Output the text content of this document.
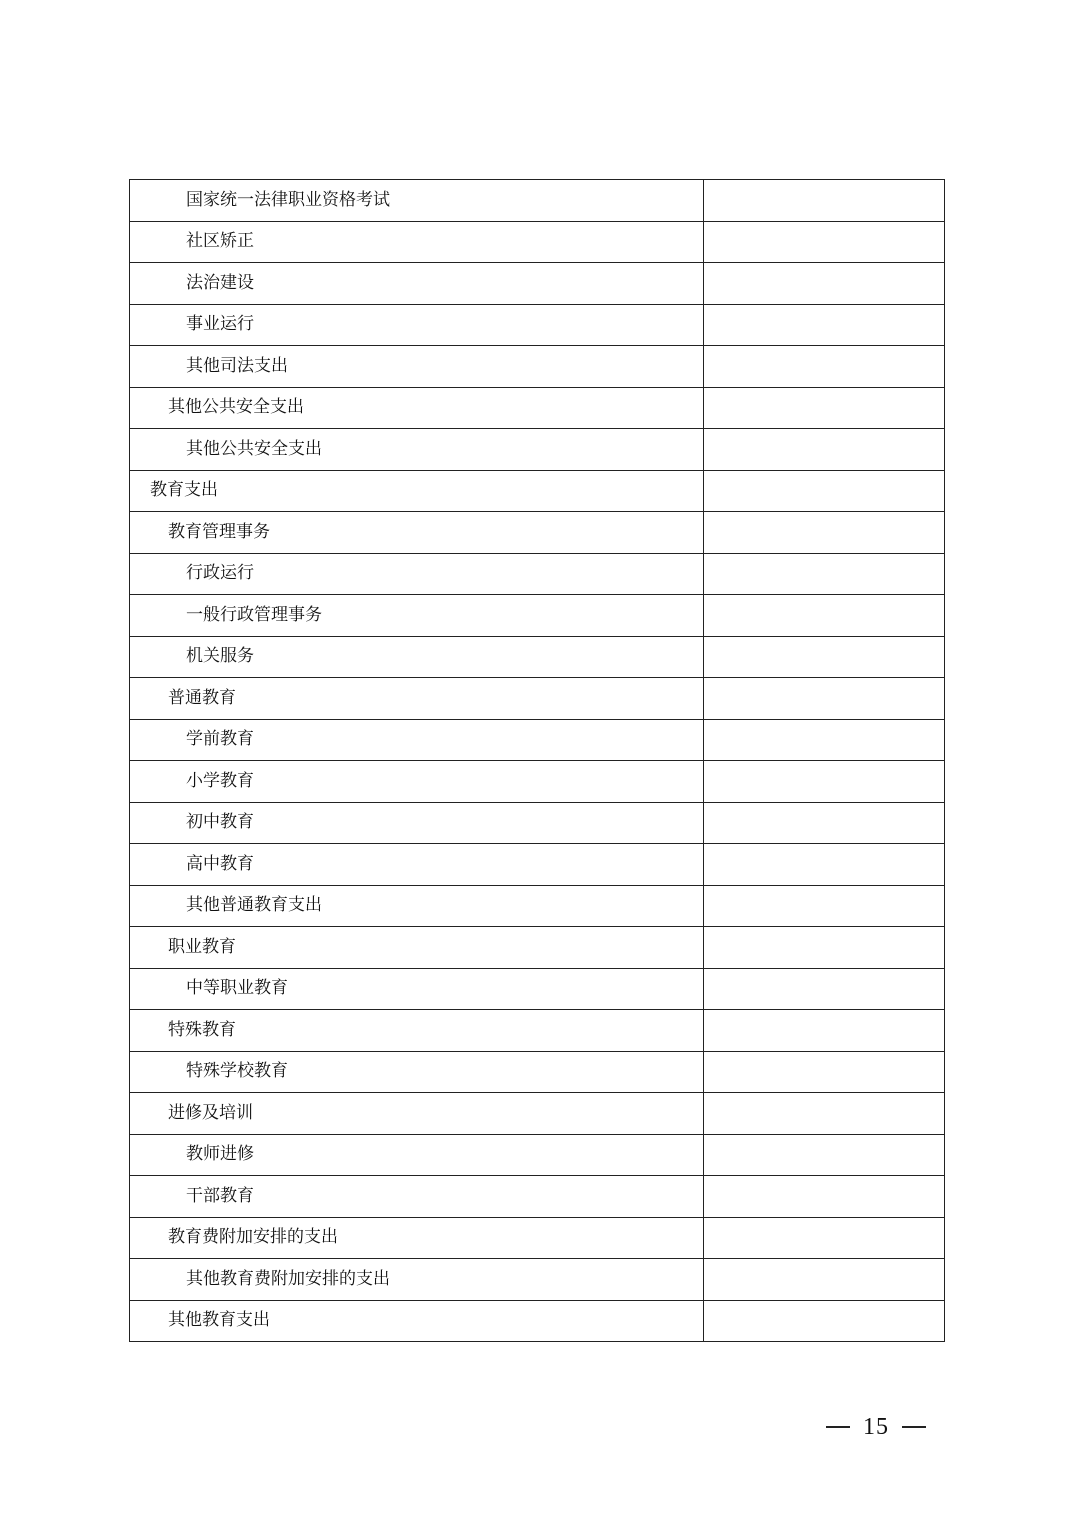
国家统一法律职业资格考试	
社区矫正	
法治建设	
事业运行	
其他司法支出	
其他公共安全支出	
其他公共安全支出	
教育支出	
教育管理事务	
行政运行	
一般行政管理事务	
机关服务	
普通教育	
学前教育	
小学教育	
初中教育	
高中教育	
其他普通教育支出	
职业教育	
中等职业教育	
特殊教育	
特殊学校教育	
进修及培训	
教师进修	
干部教育	
教育费附加安排的支出	
其他教育费附加安排的支出	
其他教育支出	
15
